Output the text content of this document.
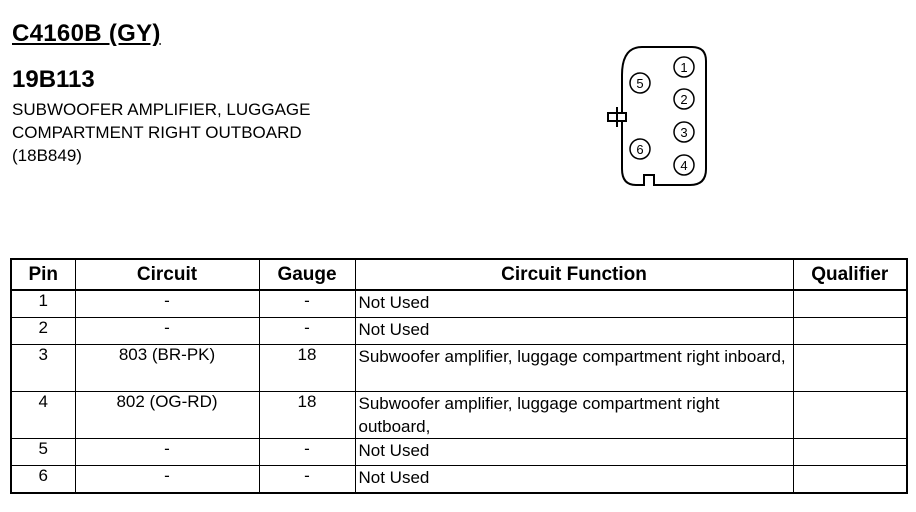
C4160B (GY)
19B113
SUBWOOFER AMPLIFIER, LUGGAGE
COMPARTMENT RIGHT OUTBOARD
(18B849)
1
2
3
4
5
6
Pin	Circuit	Gauge	Circuit Function	Qualifier
1	-	-	Not Used	
2	-	-	Not Used	
3	803 (BR-PK)	18	Subwoofer amplifier, luggage compartment right inboard,	
4	802 (OG-RD)	18	Subwoofer amplifier, luggage compartment right outboard,	
5	-	-	Not Used	
6	-	-	Not Used	
